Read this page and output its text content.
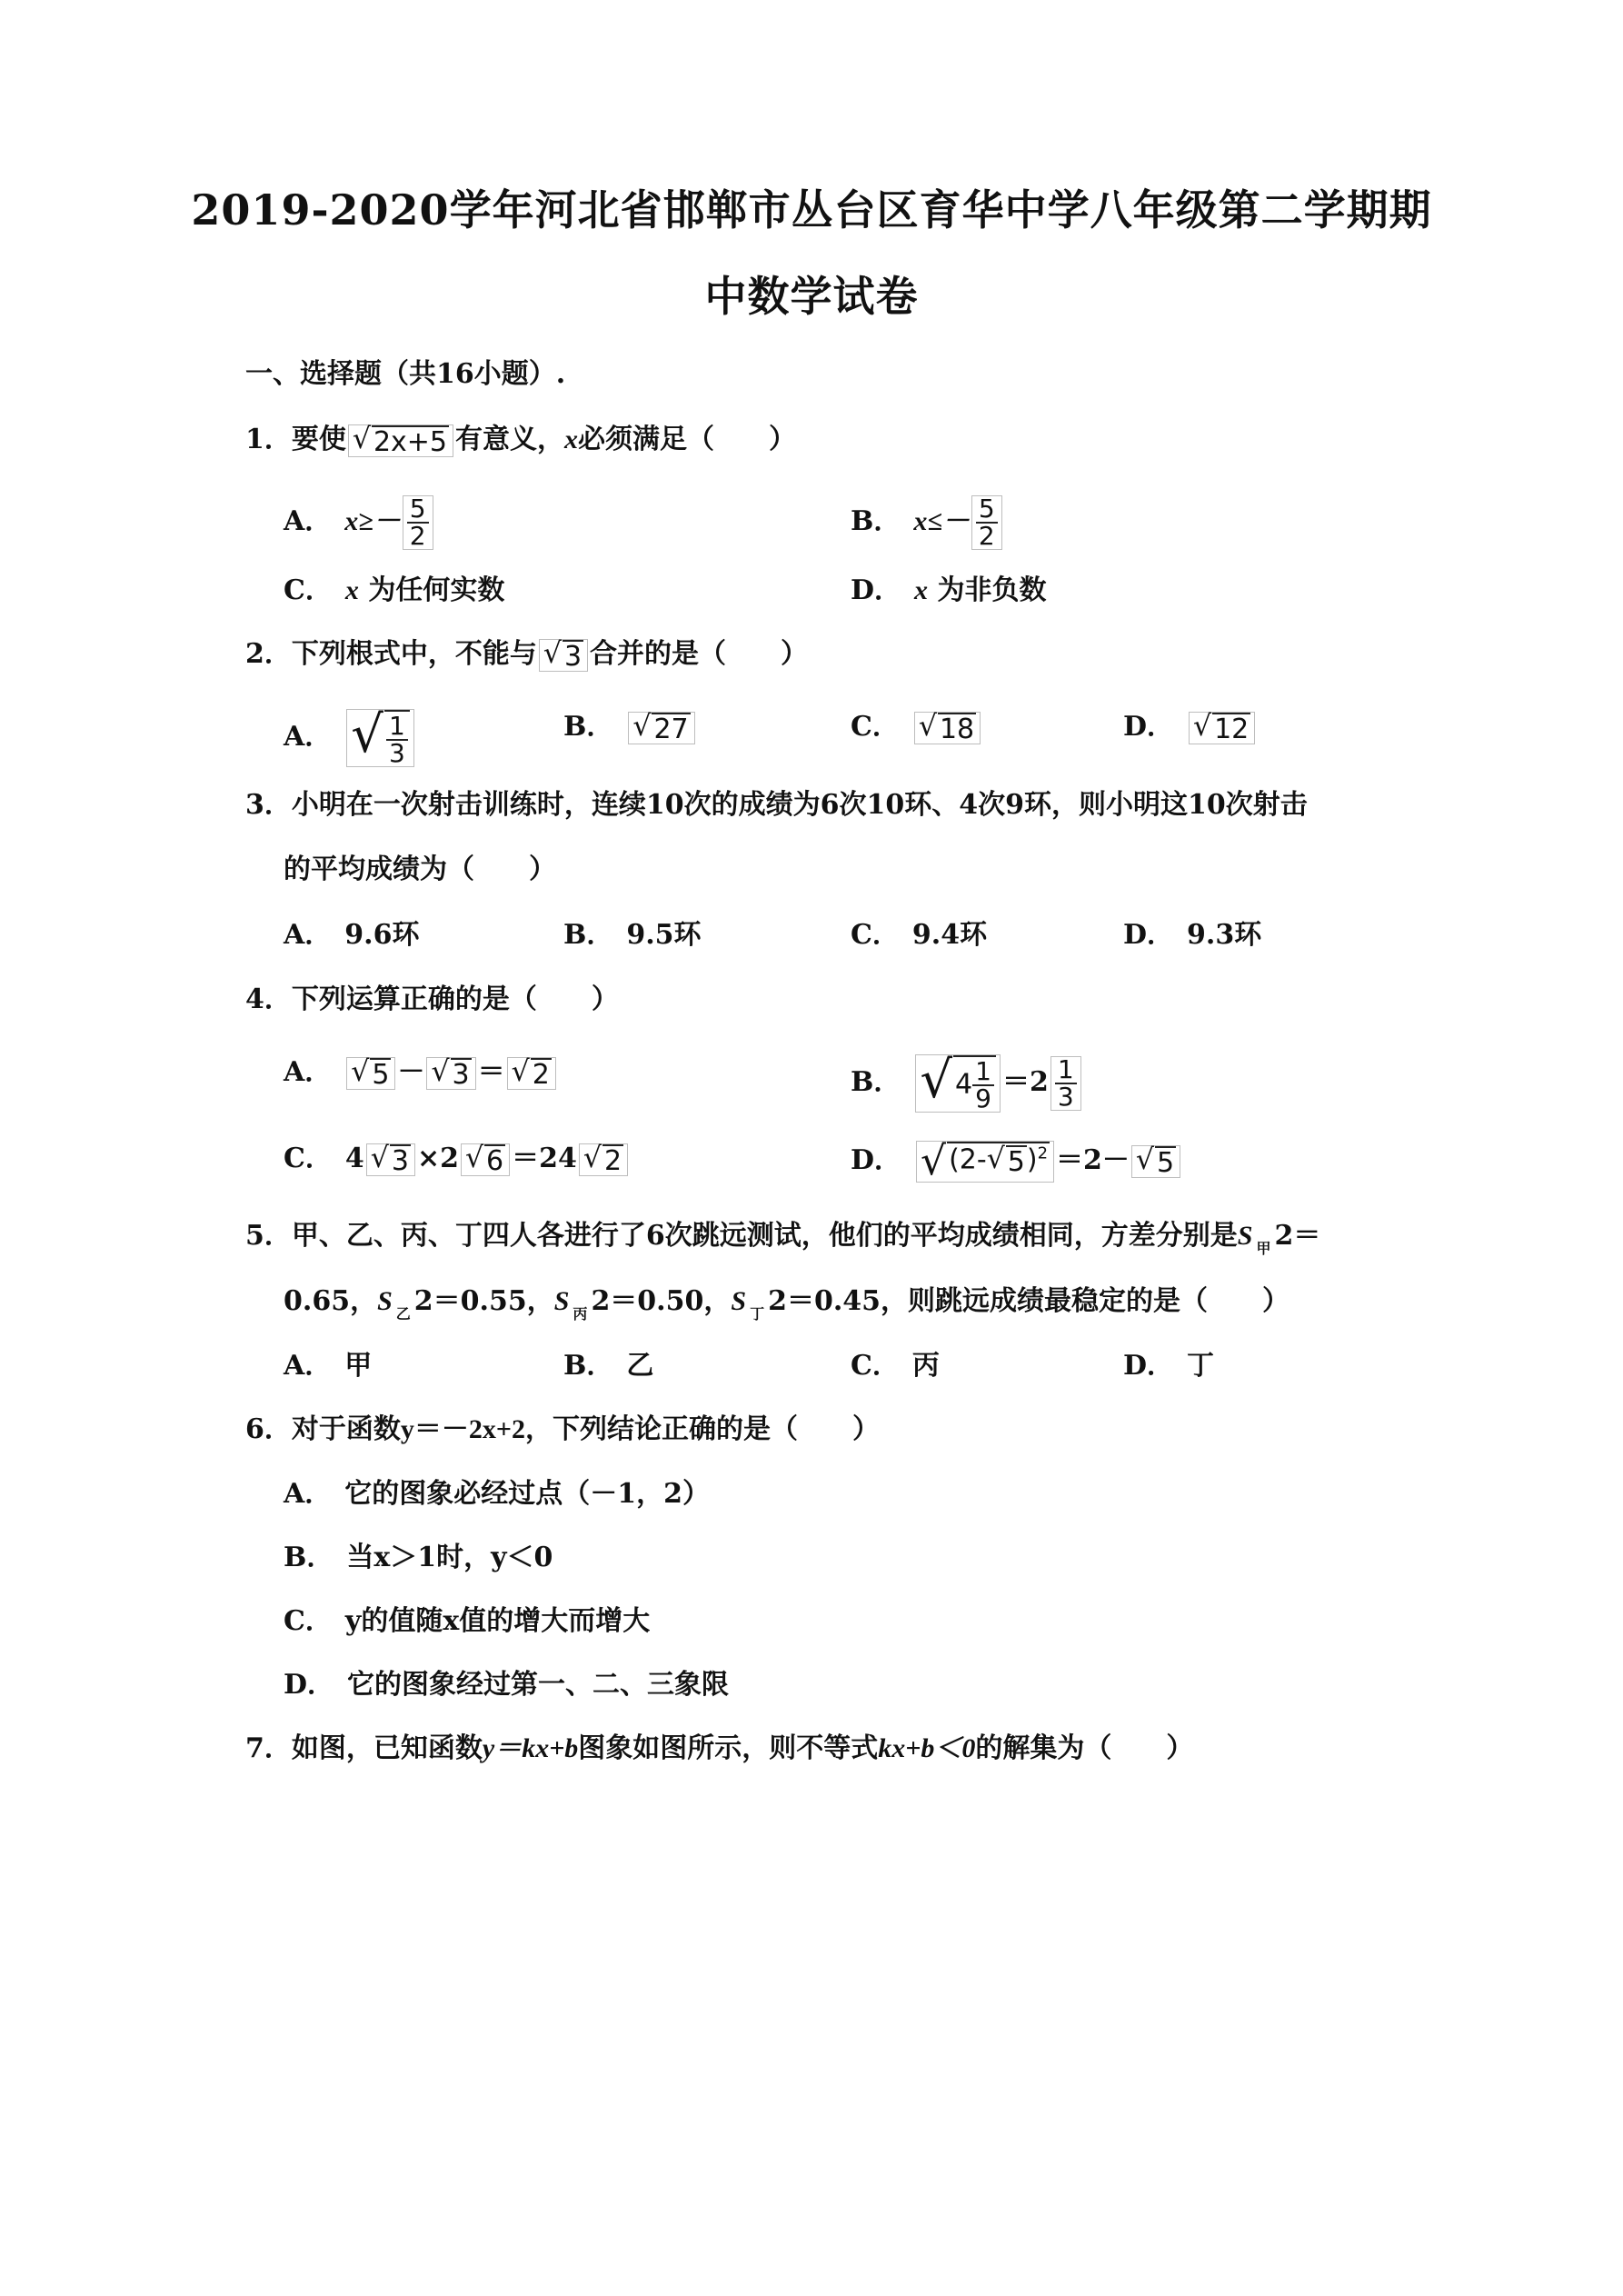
2019-2020学年河北省邯郸市丛台区育华中学八年级第二学期期
中数学试卷
一、选择题（共16小题）.
1．要使 √ 2x+5 有意义，x必须满足（　　）
A． $x\ge- \frac{5}{2}$	B． $x\le- \frac{5}{2}$
C． x 为任何实数	D． x 为非负数
2．下列根式中，不能与 √ 3 合并的是（　　）
A． √ $\frac{1}{3}$	B． √ 27	C． √ 18	D． √ 12
3．小明在一次射击训练时，连续10次的成绩为6次10环、4次9环，则小明这10次射击
的平均成绩为（　　）
A． 9.6环	B． 9.5环	C． 9.4环	D． 9.3环
4．下列运算正确的是（　　）
A． √ 5 － √ 3 ＝ √ 2	B． √ $4 \frac{1}{9} =2 \frac{1}{3}$
C． 4 √ 3 ×2 √ 6 ＝24 √ 2	D． √ (2- √ 5 )$^2$ ＝2－ √ 5
5．甲、乙、丙、丁四人各进行了6次跳远测试，他们的平均成绩相同，方差分别是S $_甲$ 2＝
0.65，S $_乙$ 2＝0.55，S $_丙$ 2＝0.50，S $_丁$ 2＝0.45，则跳远成绩最稳定的是（　　）
A． 甲	B． 乙	C． 丙	D． 丁
6．对于函数y＝－2x+2，下列结论正确的是（　　）
A． 它的图象必经过点（－1，2）
B． 当x＞1时，y＜0
C． y的值随x值的增大而增大
D． 它的图象经过第一、二、三象限
7．如图，已知函数y＝kx+b图象如图所示，则不等式kx+b＜0的解集为（　　）
